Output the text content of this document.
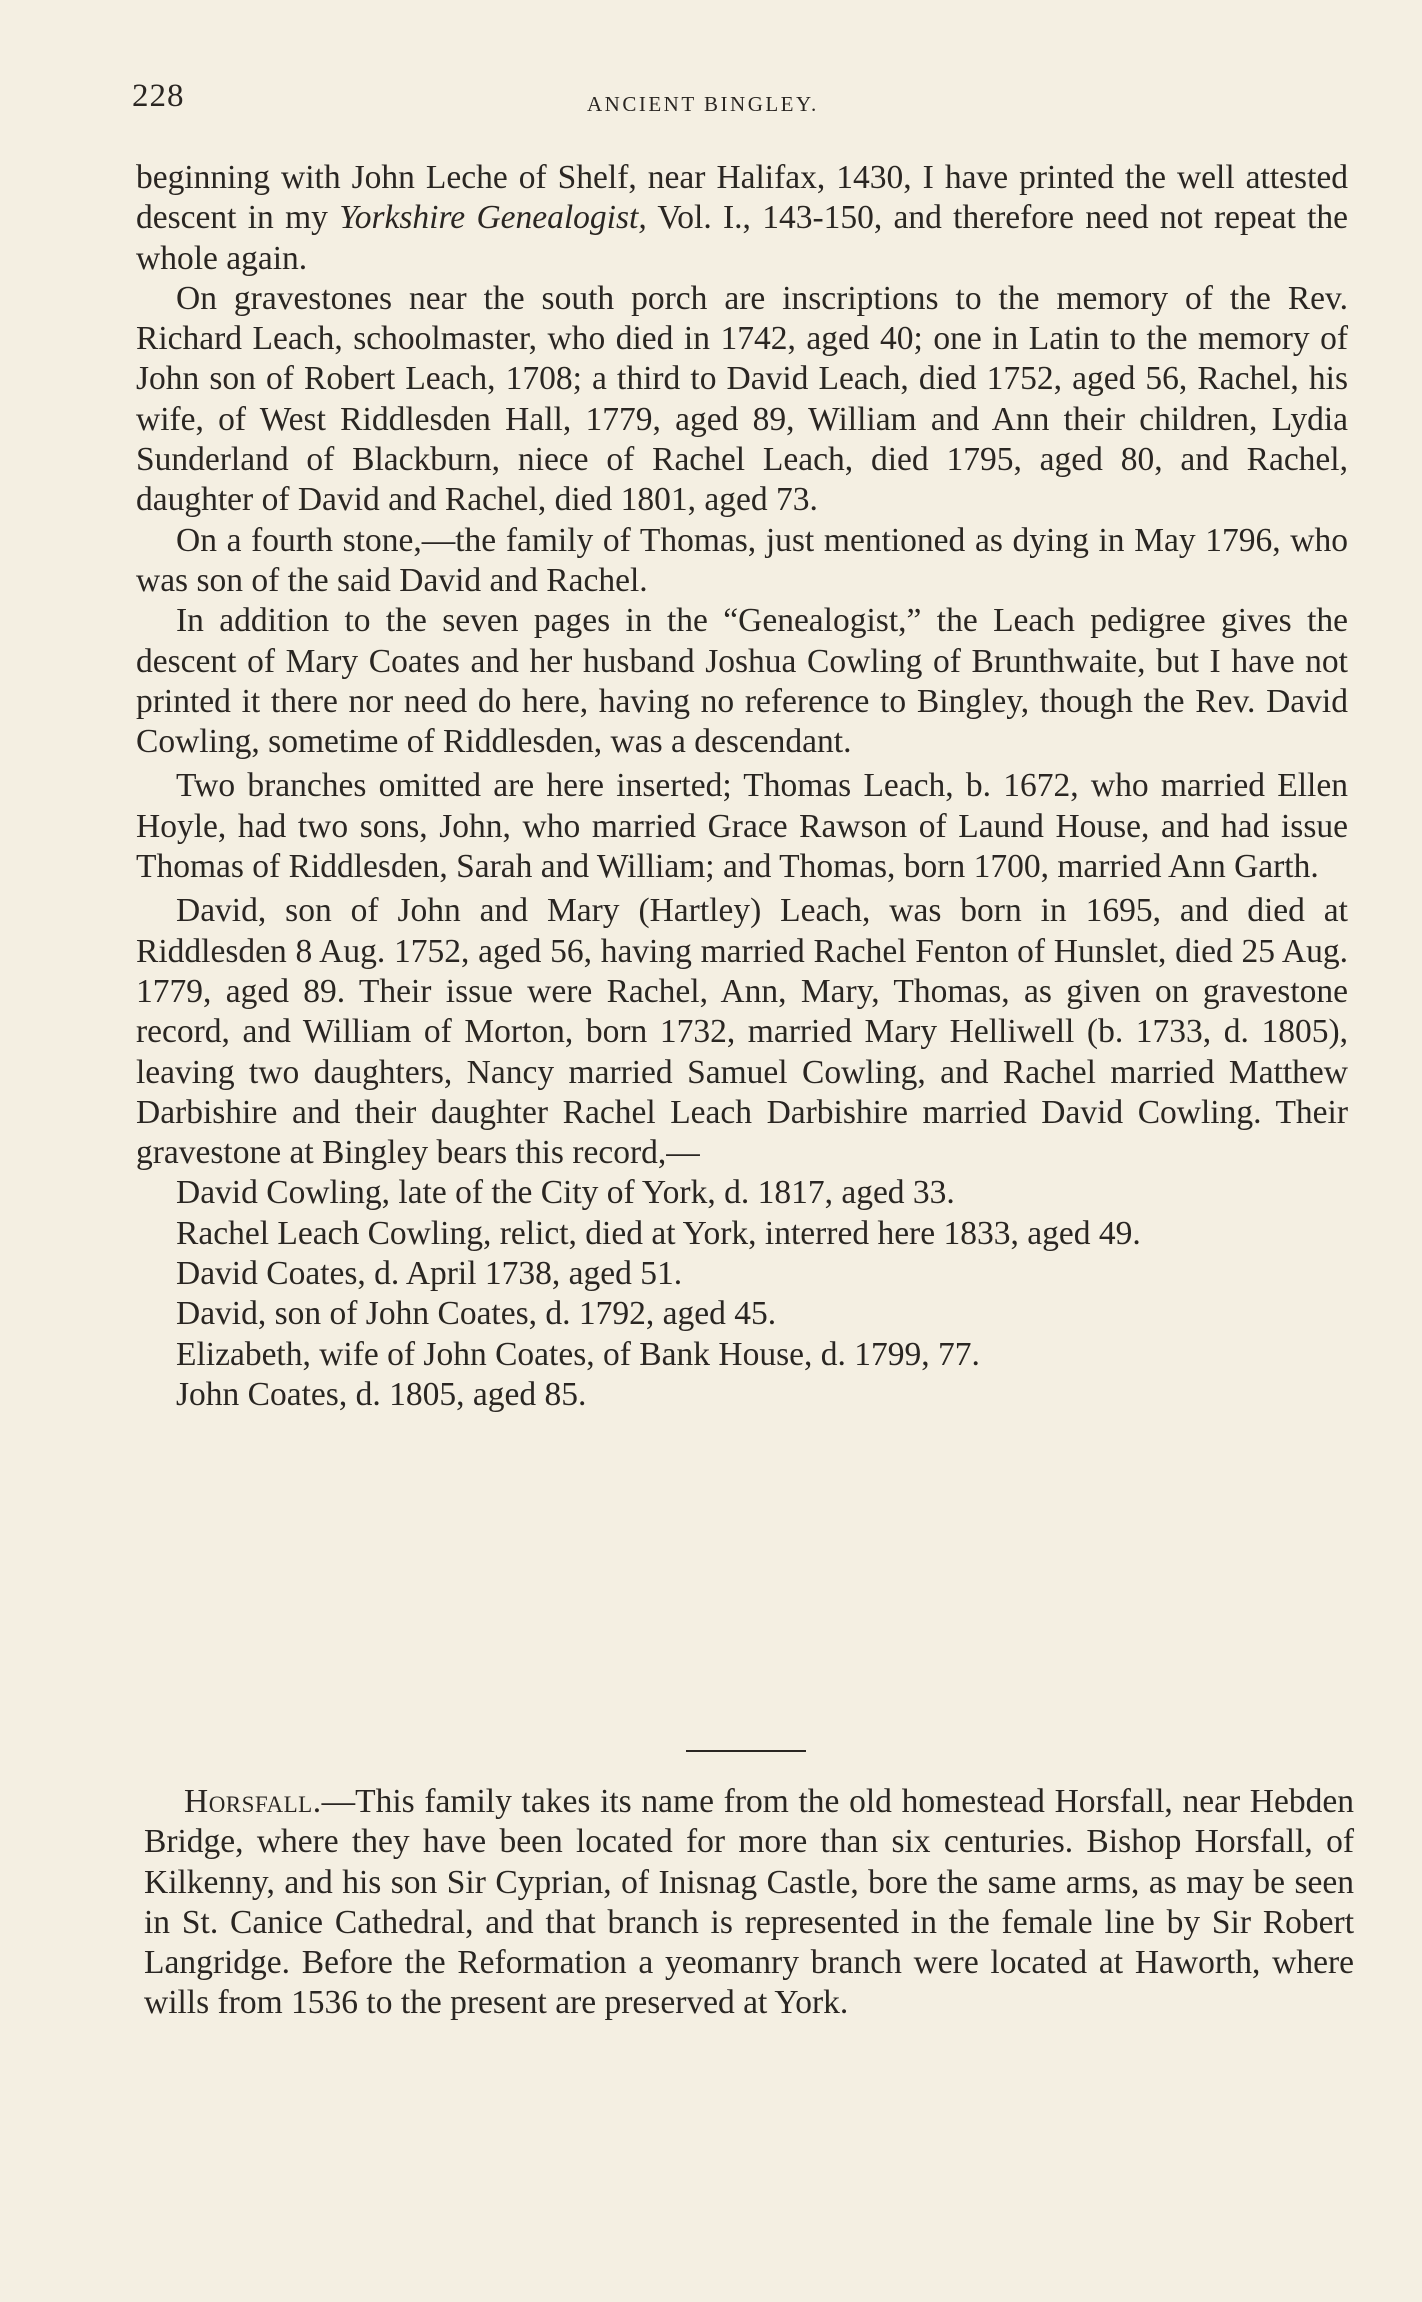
228	ANCIENT BINGLEY.

beginning with John Leche of Shelf, near Halifax, 1430, I have printed the well attested descent in my Yorkshire Genealogist, Vol. I., 143-150, and therefore need not repeat the whole again.

On gravestones near the south porch are inscriptions to the memory of the Rev. Richard Leach, schoolmaster, who died in 1742, aged 40; one in Latin to the memory of John son of Robert Leach, 1708; a third to David Leach, died 1752, aged 56, Rachel, his wife, of West Riddlesden Hall, 1779, aged 89, William and Ann their children, Lydia Sunderland of Blackburn, niece of Rachel Leach, died 1795, aged 80, and Rachel, daughter of David and Rachel, died 1801, aged 73.

On a fourth stone,—the family of Thomas, just mentioned as dying in May 1796, who was son of the said David and Rachel.

In addition to the seven pages in the “Genealogist,” the Leach pedigree gives the descent of Mary Coates and her husband Joshua Cowling of Brunthwaite, but I have not printed it there nor need do here, having no reference to Bingley, though the Rev. David Cowling, sometime of Riddlesden, was a descendant.

Two branches omitted are here inserted; Thomas Leach, b. 1672, who married Ellen Hoyle, had two sons, John, who married Grace Rawson of Laund House, and had issue Thomas of Riddlesden, Sarah and William; and Thomas, born 1700, married Ann Garth.

David, son of John and Mary (Hartley) Leach, was born in 1695, and died at Riddlesden 8 Aug. 1752, aged 56, having married Rachel Fenton of Hunslet, died 25 Aug. 1779, aged 89. Their issue were Rachel, Ann, Mary, Thomas, as given on gravestone record, and William of Morton, born 1732, married Mary Helliwell (b. 1733, d. 1805), leaving two daughters, Nancy married Samuel Cowling, and Rachel married Matthew Darbishire and their daughter Rachel Leach Darbishire married David Cowling. Their gravestone at Bingley bears this record,—

David Cowling, late of the City of York, d. 1817, aged 33.

Rachel Leach Cowling, relict, died at York, interred here 1833, aged 49.

David Coates, d. April 1738, aged 51.

David, son of John Coates, d. 1792, aged 45.

Elizabeth, wife of John Coates, of Bank House, d. 1799, 77.

John Coates, d. 1805, aged 85.

Horsfall.—This family takes its name from the old homestead Horsfall, near Hebden Bridge, where they have been located for more than six centuries. Bishop Horsfall, of Kilkenny, and his son Sir Cyprian, of Inisnag Castle, bore the same arms, as may be seen in St. Canice Cathedral, and that branch is represented in the female line by Sir Robert Langridge. Before the Reformation a yeomanry branch were located at Haworth, where wills from 1536 to the present are preserved at York.
